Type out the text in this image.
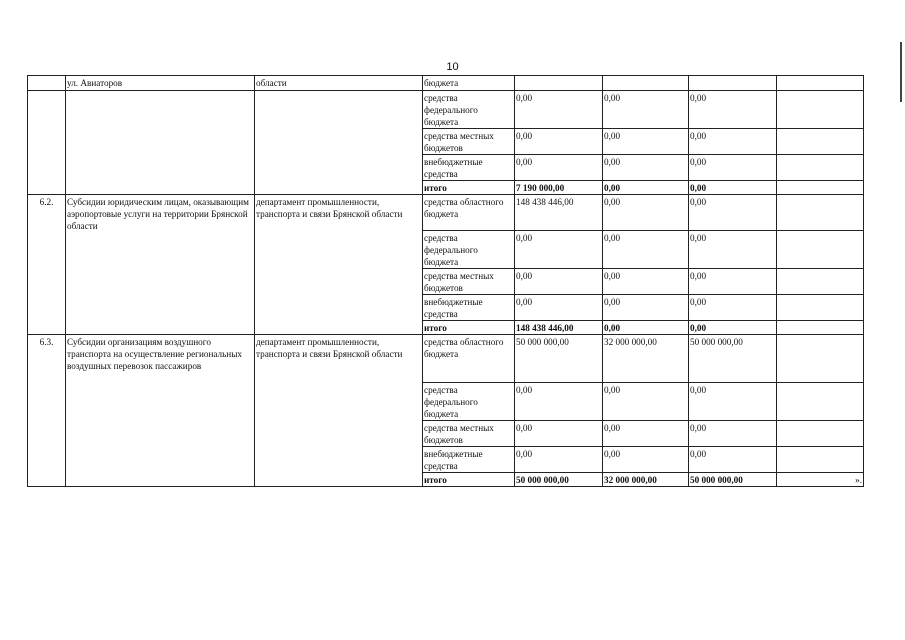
10
	ул. Авиаторов	области	бюджета				
			средства федерального бюджета	0,00	0,00	0,00	
			средства местных бюджетов	0,00	0,00	0,00	
			внебюджетные средства	0,00	0,00	0,00	
			итого	7 190 000,00	0,00	0,00	
6.2.	Субсидии юридическим лицам, оказывающим аэропортовые услуги на территории Брянской области	департамент промышленности, транспорта и связи Брянской области	средства областного бюджета	148 438 446,00	0,00	0,00	
			средства федерального бюджета	0,00	0,00	0,00	
			средства местных бюджетов	0,00	0,00	0,00	
			внебюджетные средства	0,00	0,00	0,00	
			итого	148 438 446,00	0,00	0,00	
6.3.	Субсидии организациям воздушного транспорта на осуществление региональных воздушных перевозок пассажиров	департамент промышленности, транспорта и связи Брянской области	средства областного бюджета	50 000 000,00	32 000 000,00	50 000 000,00	
			средства федерального бюджета	0,00	0,00	0,00	
			средства местных бюджетов	0,00	0,00	0,00	
			внебюджетные средства	0,00	0,00	0,00	
			итого	50 000 000,00	32 000 000,00	50 000 000,00	».
